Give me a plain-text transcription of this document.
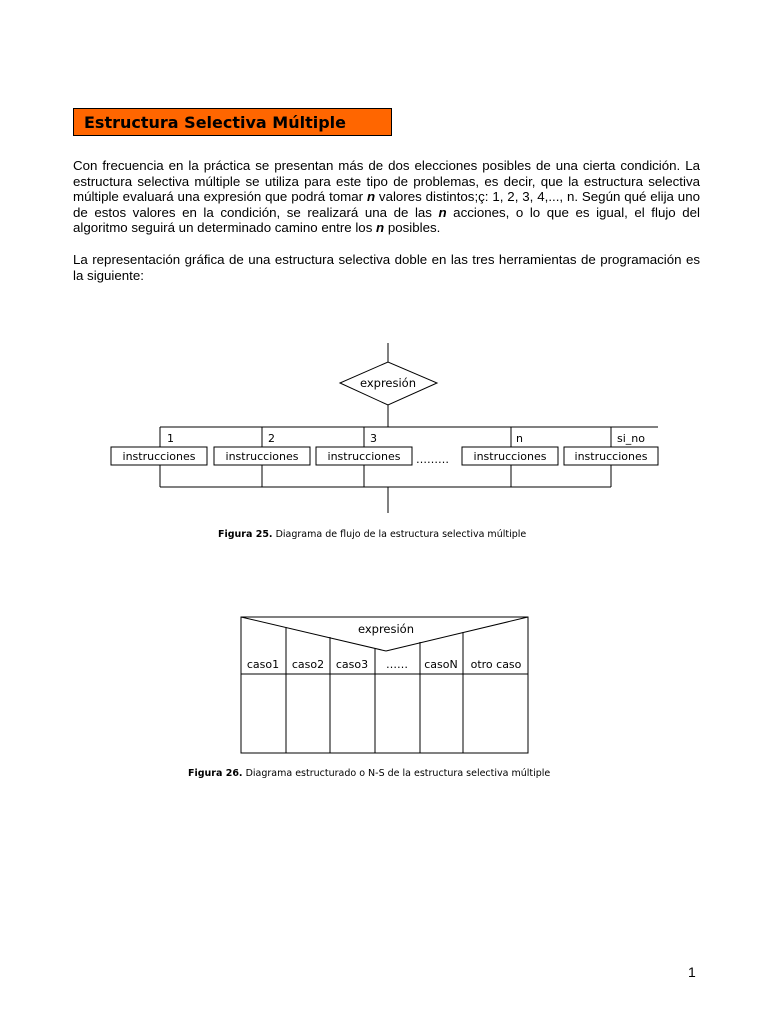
Estructura Selectiva Múltiple
Con frecuencia en la práctica se presentan más de dos elecciones posibles de una cierta condición. La estructura selectiva múltiple se utiliza para este tipo de problemas, es decir, que la estructura selectiva múltiple evaluará una expresión que podrá tomar n valores distintos;ç: 1, 2, 3, 4,..., n. Según qué elija uno de estos valores en la condición, se realizará una de las n acciones, o lo que es igual, el flujo del algoritmo seguirá un determinado camino entre los n posibles.
La representación gráfica de una estructura selectiva doble en las tres herramientas de programación es la siguiente:
expresión
1	2	3	n	si_no
instrucciones	instrucciones	instrucciones	instrucciones	instrucciones
………
Figura 25. Diagrama de flujo de la estructura selectiva múltiple
expresión
caso1 caso2 caso3 …… casoN otro caso
Figura 26. Diagrama estructurado o N-S de la estructura selectiva múltiple
1
